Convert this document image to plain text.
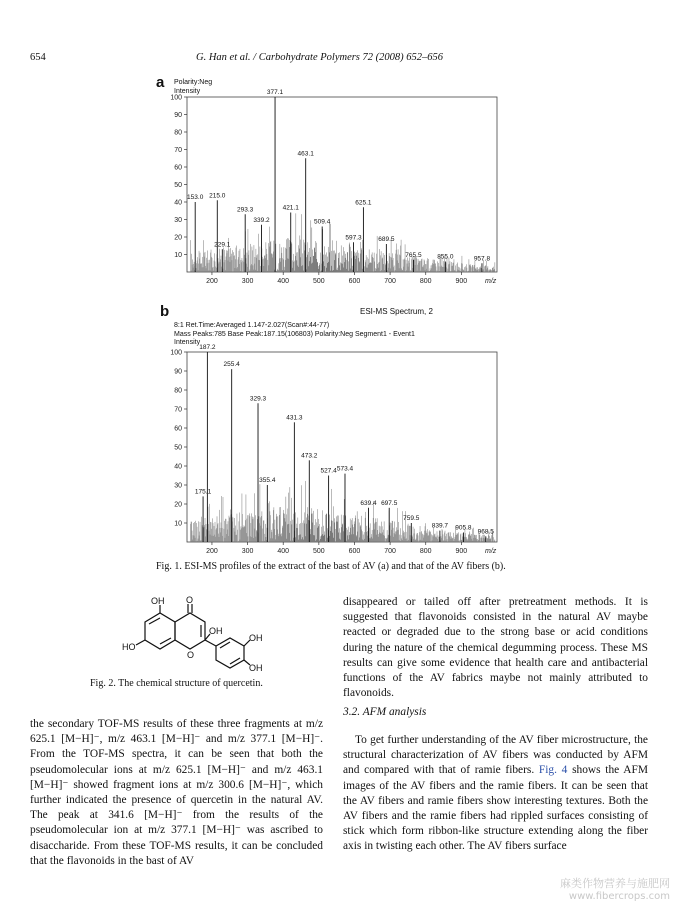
654	G. Han et al. / Carbohydrate Polymers 72 (2008) 652–656
a Polarity:Neg
Intensity
b	ESI-MS Spectrum, 2
8:1 Ret.Time:Averaged 1.147-2.027(Scan#:44-77)
Mass Peaks:785 Base Peak:187.15(106803) Polarity:Neg Segment1 - Event1
Intensity
10
20
30
40
50
60
70
80
90
100
200	300	400	500	600	700	800	900	m/z
153.0 215.0
229.1
293.3
339.2
377.1
421.1
463.1
509.4
597.3
625.1
689.5
765.5 855.0	957.8
10
20
30
40
50
60
70
80
90
100
200	300	400	500	600	700	800	900	m/z
175.1
187.2
255.4
329.3
355.4
431.3
473.2
527.4 573.4
639.4 697.5
759.5
839.7 905.8
968.5
Fig. 1. ESI-MS profiles of the extract of the bast of AV (a) and that of the AV fibers (b).
OH O
HO
O
OH
OH
OH
Fig. 2. The chemical structure of quercetin.

the secondary TOF-MS results of these three fragments at m/z 625.1 [M−H]⁻, m/z 463.1 [M−H]⁻ and m/z 377.1 [M−H]⁻. From the TOF-MS spectra, it can be seen that both the pseudomolecular ions at m/z 625.1 [M−H]⁻ and m/z 463.1 [M−H]⁻ showed fragment ions at m/z 300.6 [M−H]⁻, which further indicated the presence of quercetin in the natural AV. The peak at 341.6 [M−H]⁻ from the results of the pseudomolecular ion at m/z 377.1 [M−H]⁻ was ascribed to disaccharide. From these TOF-MS results, it can be concluded that the flavonoids in the bast of AV

disappeared or tailed off after pretreatment methods. It is suggested that flavonoids consisted in the natural AV maybe reacted or degraded due to the strong base or acid conditions during the nature of the chemical degumming process. These MS results can give some evidence that health care and antibacterial functions of the AV fabrics maybe not mainly attributed to flavonoids.

3.2. AFM analysis

To get further understanding of the AV fiber microstructure, the structural characterization of AV fibers was conducted by AFM and compared with that of ramie fibers. Fig. 4 shows the AFM images of the AV fibers and the ramie fibers. It can be seen that the AV fibers and ramie fibers show interesting textures. Both the AV fibers and the ramie fibers had rippled surfaces consisting of stick which form ribbon-like structure extending along the fiber axis in twisting each other. The AV fibers surface

麻类作物营养与施肥网
www.fibercrops.com
